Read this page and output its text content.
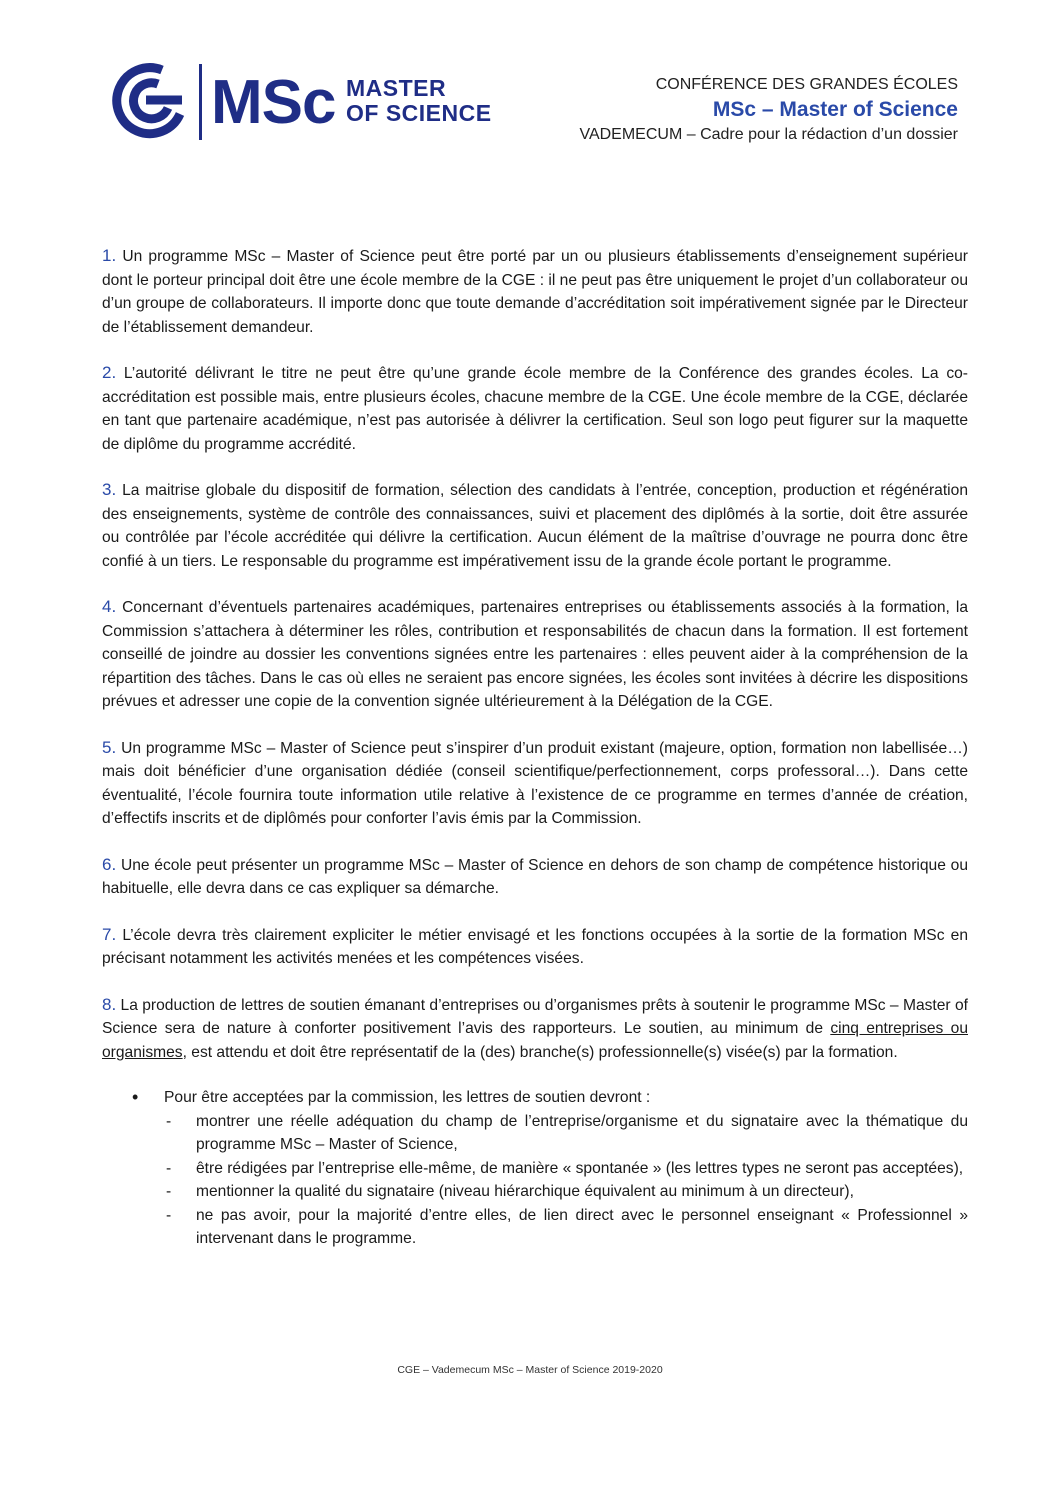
MSc MASTER
OF SCIENCE
CONFÉRENCE DES GRANDES ÉCOLES
MSc – Master of Science
VADEMECUM – Cadre pour la rédaction d’un dossier

1. Un programme MSc – Master of Science peut être porté par un ou plusieurs établissements d’enseignement supérieur dont le porteur principal doit être une école membre de la CGE : il ne peut pas être uniquement le projet d’un collaborateur ou d’un groupe de collaborateurs. Il importe donc que toute demande d’accréditation soit impérativement signée par le Directeur de l’établissement demandeur.

2. L’autorité délivrant le titre ne peut être qu’une grande école membre de la Conférence des grandes écoles. La co-accréditation est possible mais, entre plusieurs écoles, chacune membre de la CGE. Une école membre de la CGE, déclarée en tant que partenaire académique, n’est pas autorisée à délivrer la certification. Seul son logo peut figurer sur la maquette de diplôme du programme accrédité.

3. La maitrise globale du dispositif de formation, sélection des candidats à l’entrée, conception, production et régénération des enseignements, système de contrôle des connaissances, suivi et placement des diplômés à la sortie, doit être assurée ou contrôlée par l’école accréditée qui délivre la certification. Aucun élément de la maîtrise d’ouvrage ne pourra donc être confié à un tiers. Le responsable du programme est impérativement issu de la grande école portant le programme.

4. Concernant d’éventuels partenaires académiques, partenaires entreprises ou établissements associés à la formation, la Commission s’attachera à déterminer les rôles, contribution et responsabilités de chacun dans la formation. Il est fortement conseillé de joindre au dossier les conventions signées entre les partenaires : elles peuvent aider à la compréhension de la répartition des tâches. Dans le cas où elles ne seraient pas encore signées, les écoles sont invitées à décrire les dispositions prévues et adresser une copie de la convention signée ultérieurement à la Délégation de la CGE.

5. Un programme MSc – Master of Science peut s’inspirer d’un produit existant (majeure, option, formation non labellisée…) mais doit bénéficier d’une organisation dédiée (conseil scientifique/perfectionnement, corps professoral…). Dans cette éventualité, l’école fournira toute information utile relative à l’existence de ce programme en termes d’année de création, d’effectifs inscrits et de diplômés pour conforter l’avis émis par la Commission.

6. Une école peut présenter un programme MSc – Master of Science en dehors de son champ de compétence historique ou habituelle, elle devra dans ce cas expliquer sa démarche.

7. L’école devra très clairement expliciter le métier envisagé et les fonctions occupées à la sortie de la formation MSc en précisant notamment les activités menées et les compétences visées.

8. La production de lettres de soutien émanant d’entreprises ou d’organismes prêts à soutenir le programme MSc – Master of Science sera de nature à conforter positivement l’avis des rapporteurs. Le soutien, au minimum de cinq entreprises ou organismes, est attendu et doit être représentatif de la (des) branche(s) professionnelle(s) visée(s) par la formation.

• Pour être acceptées par la commission, les lettres de soutien devront :
- montrer une réelle adéquation du champ de l’entreprise/organisme et du signataire avec la thématique du programme MSc – Master of Science,
- être rédigées par l’entreprise elle-même, de manière « spontanée » (les lettres types ne seront pas acceptées),
- mentionner la qualité du signataire (niveau hiérarchique équivalent au minimum à un directeur),
- ne pas avoir, pour la majorité d’entre elles, de lien direct avec le personnel enseignant « Professionnel » intervenant dans le programme.
CGE – Vademecum MSc – Master of Science 2019-2020
